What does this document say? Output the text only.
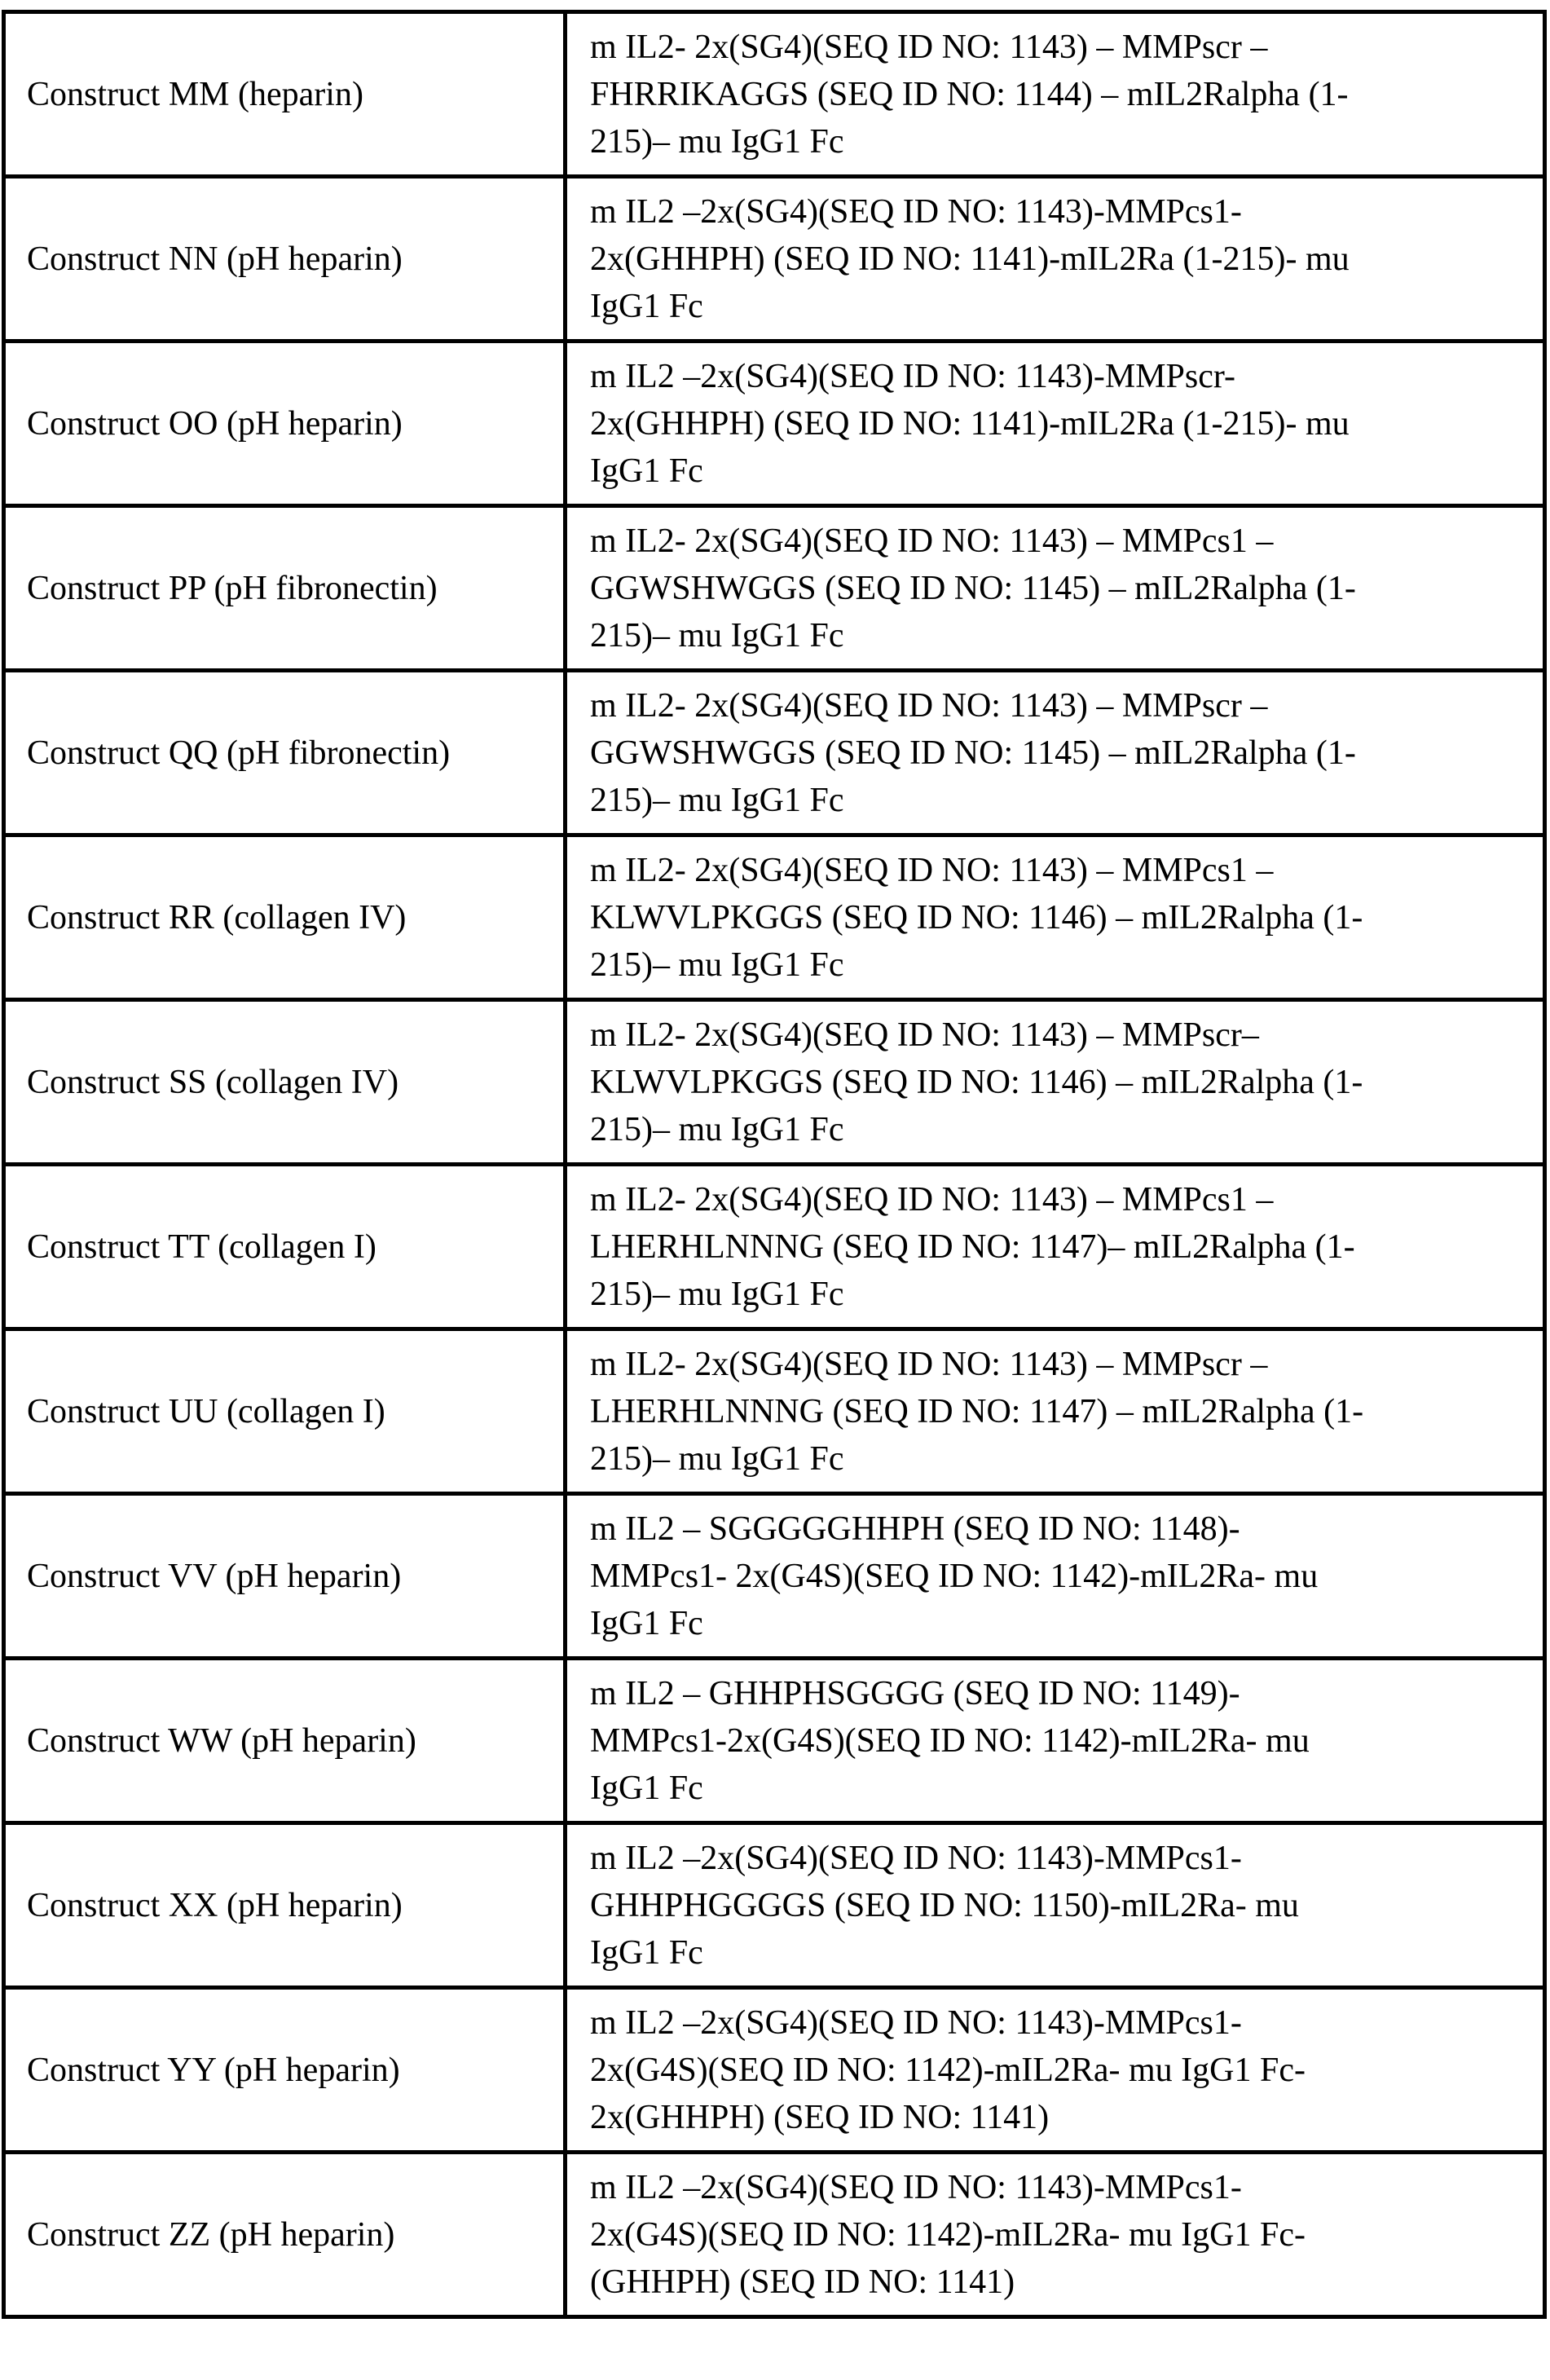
Construct MM (heparin)	
m IL2- 2x(SG4)(SEQ ID NO: 1143) – MMPscr –
FHRRIKAGGS (SEQ ID NO: 1144) – mIL2Ralpha (1-
215)– mu IgG1 Fc

Construct NN (pH heparin)	
m IL2 –2x(SG4)(SEQ ID NO: 1143)-MMPcs1-
2x(GHHPH) (SEQ ID NO: 1141)-mIL2Ra (1-215)- mu
IgG1 Fc

Construct OO (pH heparin)	
m IL2 –2x(SG4)(SEQ ID NO: 1143)-MMPscr-
2x(GHHPH) (SEQ ID NO: 1141)-mIL2Ra (1-215)- mu
IgG1 Fc

Construct PP (pH fibronectin)	
m IL2- 2x(SG4)(SEQ ID NO: 1143) – MMPcs1 –
GGWSHWGGS (SEQ ID NO: 1145) – mIL2Ralpha (1-
215)– mu IgG1 Fc

Construct QQ (pH fibronectin)	
m IL2- 2x(SG4)(SEQ ID NO: 1143) – MMPscr –
GGWSHWGGS (SEQ ID NO: 1145) – mIL2Ralpha (1-
215)– mu IgG1 Fc

Construct RR (collagen IV)	
m IL2- 2x(SG4)(SEQ ID NO: 1143) – MMPcs1 –
KLWVLPKGGS (SEQ ID NO: 1146) – mIL2Ralpha (1-
215)– mu IgG1 Fc

Construct SS (collagen IV)	
m IL2- 2x(SG4)(SEQ ID NO: 1143) – MMPscr–
KLWVLPKGGS (SEQ ID NO: 1146) – mIL2Ralpha (1-
215)– mu IgG1 Fc

Construct TT (collagen I)	
m IL2- 2x(SG4)(SEQ ID NO: 1143) – MMPcs1 –
LHERHLNNNG (SEQ ID NO: 1147)– mIL2Ralpha (1-
215)– mu IgG1 Fc

Construct UU (collagen I)	
m IL2- 2x(SG4)(SEQ ID NO: 1143) – MMPscr –
LHERHLNNNG (SEQ ID NO: 1147) – mIL2Ralpha (1-
215)– mu IgG1 Fc

Construct VV (pH heparin)	
m IL2 – SGGGGGHHPH (SEQ ID NO: 1148)-
MMPcs1- 2x(G4S)(SEQ ID NO: 1142)-mIL2Ra- mu
IgG1 Fc

Construct WW (pH heparin)	
m IL2 – GHHPHSGGGG (SEQ ID NO: 1149)-
MMPcs1-2x(G4S)(SEQ ID NO: 1142)-mIL2Ra- mu
IgG1 Fc

Construct XX (pH heparin)	
m IL2 –2x(SG4)(SEQ ID NO: 1143)-MMPcs1-
GHHPHGGGGS (SEQ ID NO: 1150)-mIL2Ra- mu
IgG1 Fc

Construct YY (pH heparin)	
m IL2 –2x(SG4)(SEQ ID NO: 1143)-MMPcs1-
2x(G4S)(SEQ ID NO: 1142)-mIL2Ra- mu IgG1 Fc-
2x(GHHPH) (SEQ ID NO: 1141)

Construct ZZ (pH heparin)	
m IL2 –2x(SG4)(SEQ ID NO: 1143)-MMPcs1-
2x(G4S)(SEQ ID NO: 1142)-mIL2Ra- mu IgG1 Fc-
(GHHPH) (SEQ ID NO: 1141)
